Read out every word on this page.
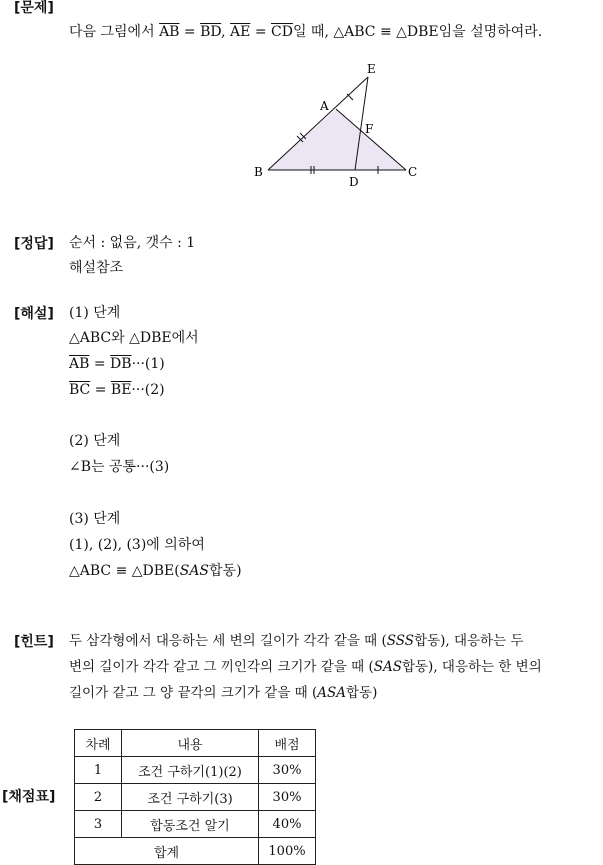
[문제]
다음 그림에서 $\overline{AB} = \overline{BD}$, $\overline{AE} = \overline{CD}$일 때, △ABC ≡ △DBE임을 설명하여라.
E
A
F
B
D
C
[정답] 순서 : 없음, 갯수 : 1
해설참조
[해설] (1) 단계
△ABC와 △DBE에서
$\overline{AB} = \overline{DB}\cdot\cdot\cdot(1)$
$\overline{BC} = \overline{BE}\cdot\cdot\cdot(2)$
(2) 단계
∠B는 공통···(3)
(3) 단계
(1), (2), (3)에 의하여
△ABC ≡ △DBE(SAS합동)
[힌트] 두 삼각형에서 대응하는 세 변의 길이가 각각 같을 때 (SSS합동), 대응하는 두
변의 길이가 각각 같고 그 끼인각의 크기가 같을 때 (SAS합동), 대응하는 한 변의
길이가 같고 그 양 끝각의 크기가 같을 때 (ASA합동)
[채점표]
차례	내용	배점
1	조건 구하기(1)(2)	30%
2	조건 구하기(3)	30%
3	합동조건 알기	40%
합계		100%
